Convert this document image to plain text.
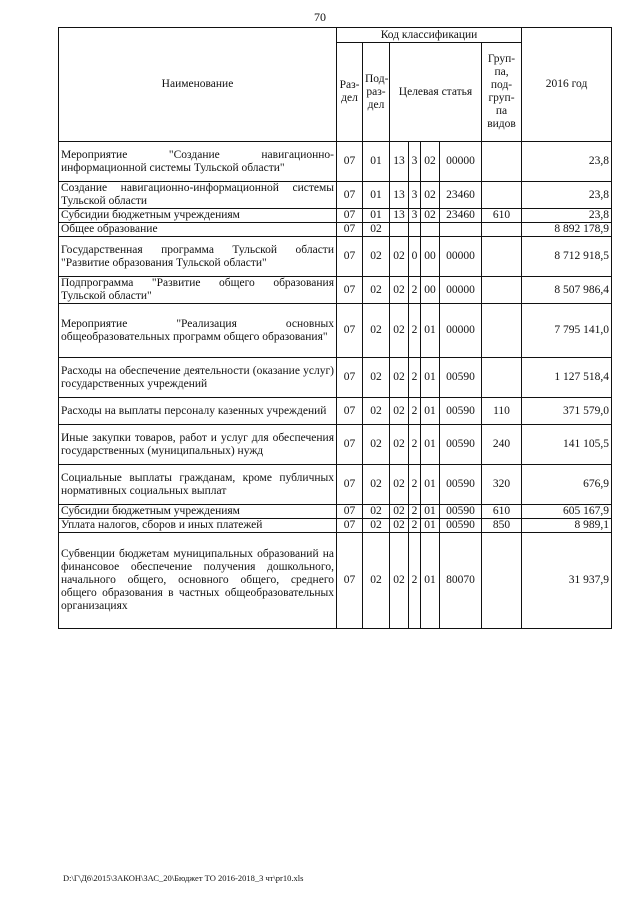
70
Наименование	Код классификации							2016 год
	Раз-дел	Под-раз-дел	Целевая статья				Груп-па, под-груп-па видов	
Мероприятие "Создание навигационно-информационной системы Тульской области"	07	01	13	3	02	00000		23,8
Создание навигационно-информационной системы Тульской области	07	01	13	3	02	23460		23,8
Субсидии бюджетным учреждениям	07	01	13	3	02	23460	610	23,8
Общее образование	07	02						8 892 178,9
Государственная программа Тульской области "Развитие образования Тульской области"	07	02	02	0	00	00000		8 712 918,5
Подпрограмма "Развитие общего образования Тульской области"	07	02	02	2	00	00000		8 507 986,4
Мероприятие "Реализация основных общеобразовательных программ общего образования"	07	02	02	2	01	00000		7 795 141,0
Расходы на обеспечение деятельности (оказание услуг) государственных учреждений	07	02	02	2	01	00590		1 127 518,4
Расходы на выплаты персоналу казенных учреждений	07	02	02	2	01	00590	110	371 579,0
Иные закупки товаров, работ и услуг для обеспечения государственных (муниципальных) нужд	07	02	02	2	01	00590	240	141 105,5
Социальные выплаты гражданам, кроме публичных нормативных социальных выплат	07	02	02	2	01	00590	320	676,9
Субсидии бюджетным учреждениям	07	02	02	2	01	00590	610	605 167,9
Уплата налогов, сборов и иных платежей	07	02	02	2	01	00590	850	8 989,1
Субвенции бюджетам муниципальных образований на финансовое обеспечение получения дошкольного, начального общего, основного общего, среднего общего образования в частных общеобразовательных организациях	07	02	02	2	01	80070		31 937,9
D:\Г\Д6\2015\ЗАКОН\ЗАС_20\Бюджет ТО 2016-2018_3 чт\pr10.xls
